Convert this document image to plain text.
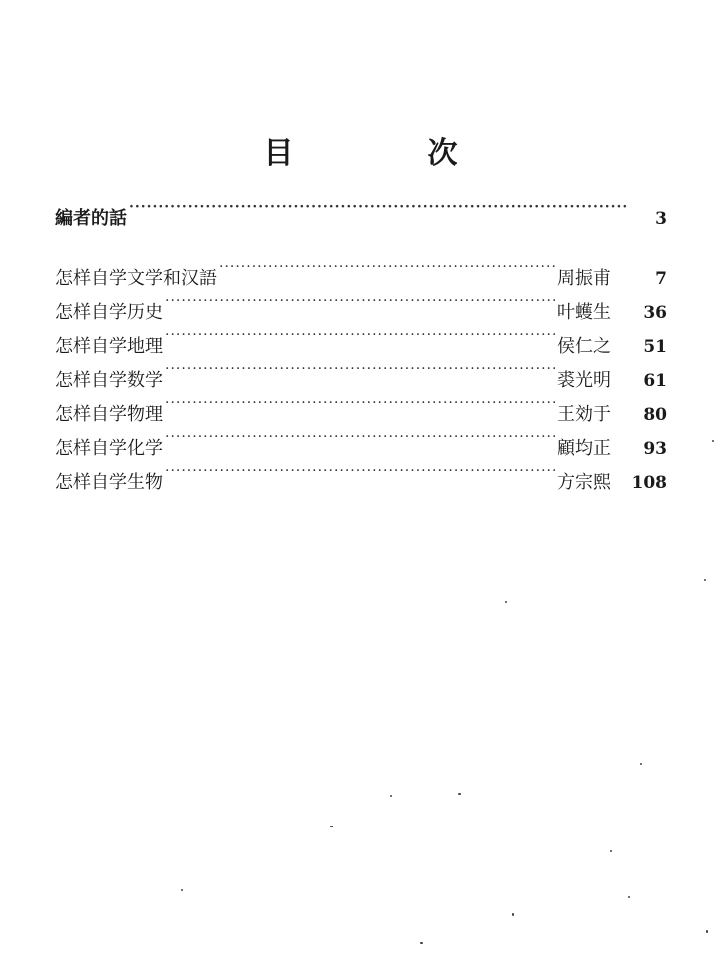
目　次
編者的話 ·····	3
怎样自学文学和汉語 ·····	周振甫	7
怎样自学历史 ·····	叶蠖生	36
怎样自学地理 ·····	侯仁之	51
怎样自学数学 ·····	裘光明	61
怎样自学物理 ·····	王効于	80
怎样自学化学 ·····	顧均正	93
怎样自学生物 ·····	方宗熙	108
